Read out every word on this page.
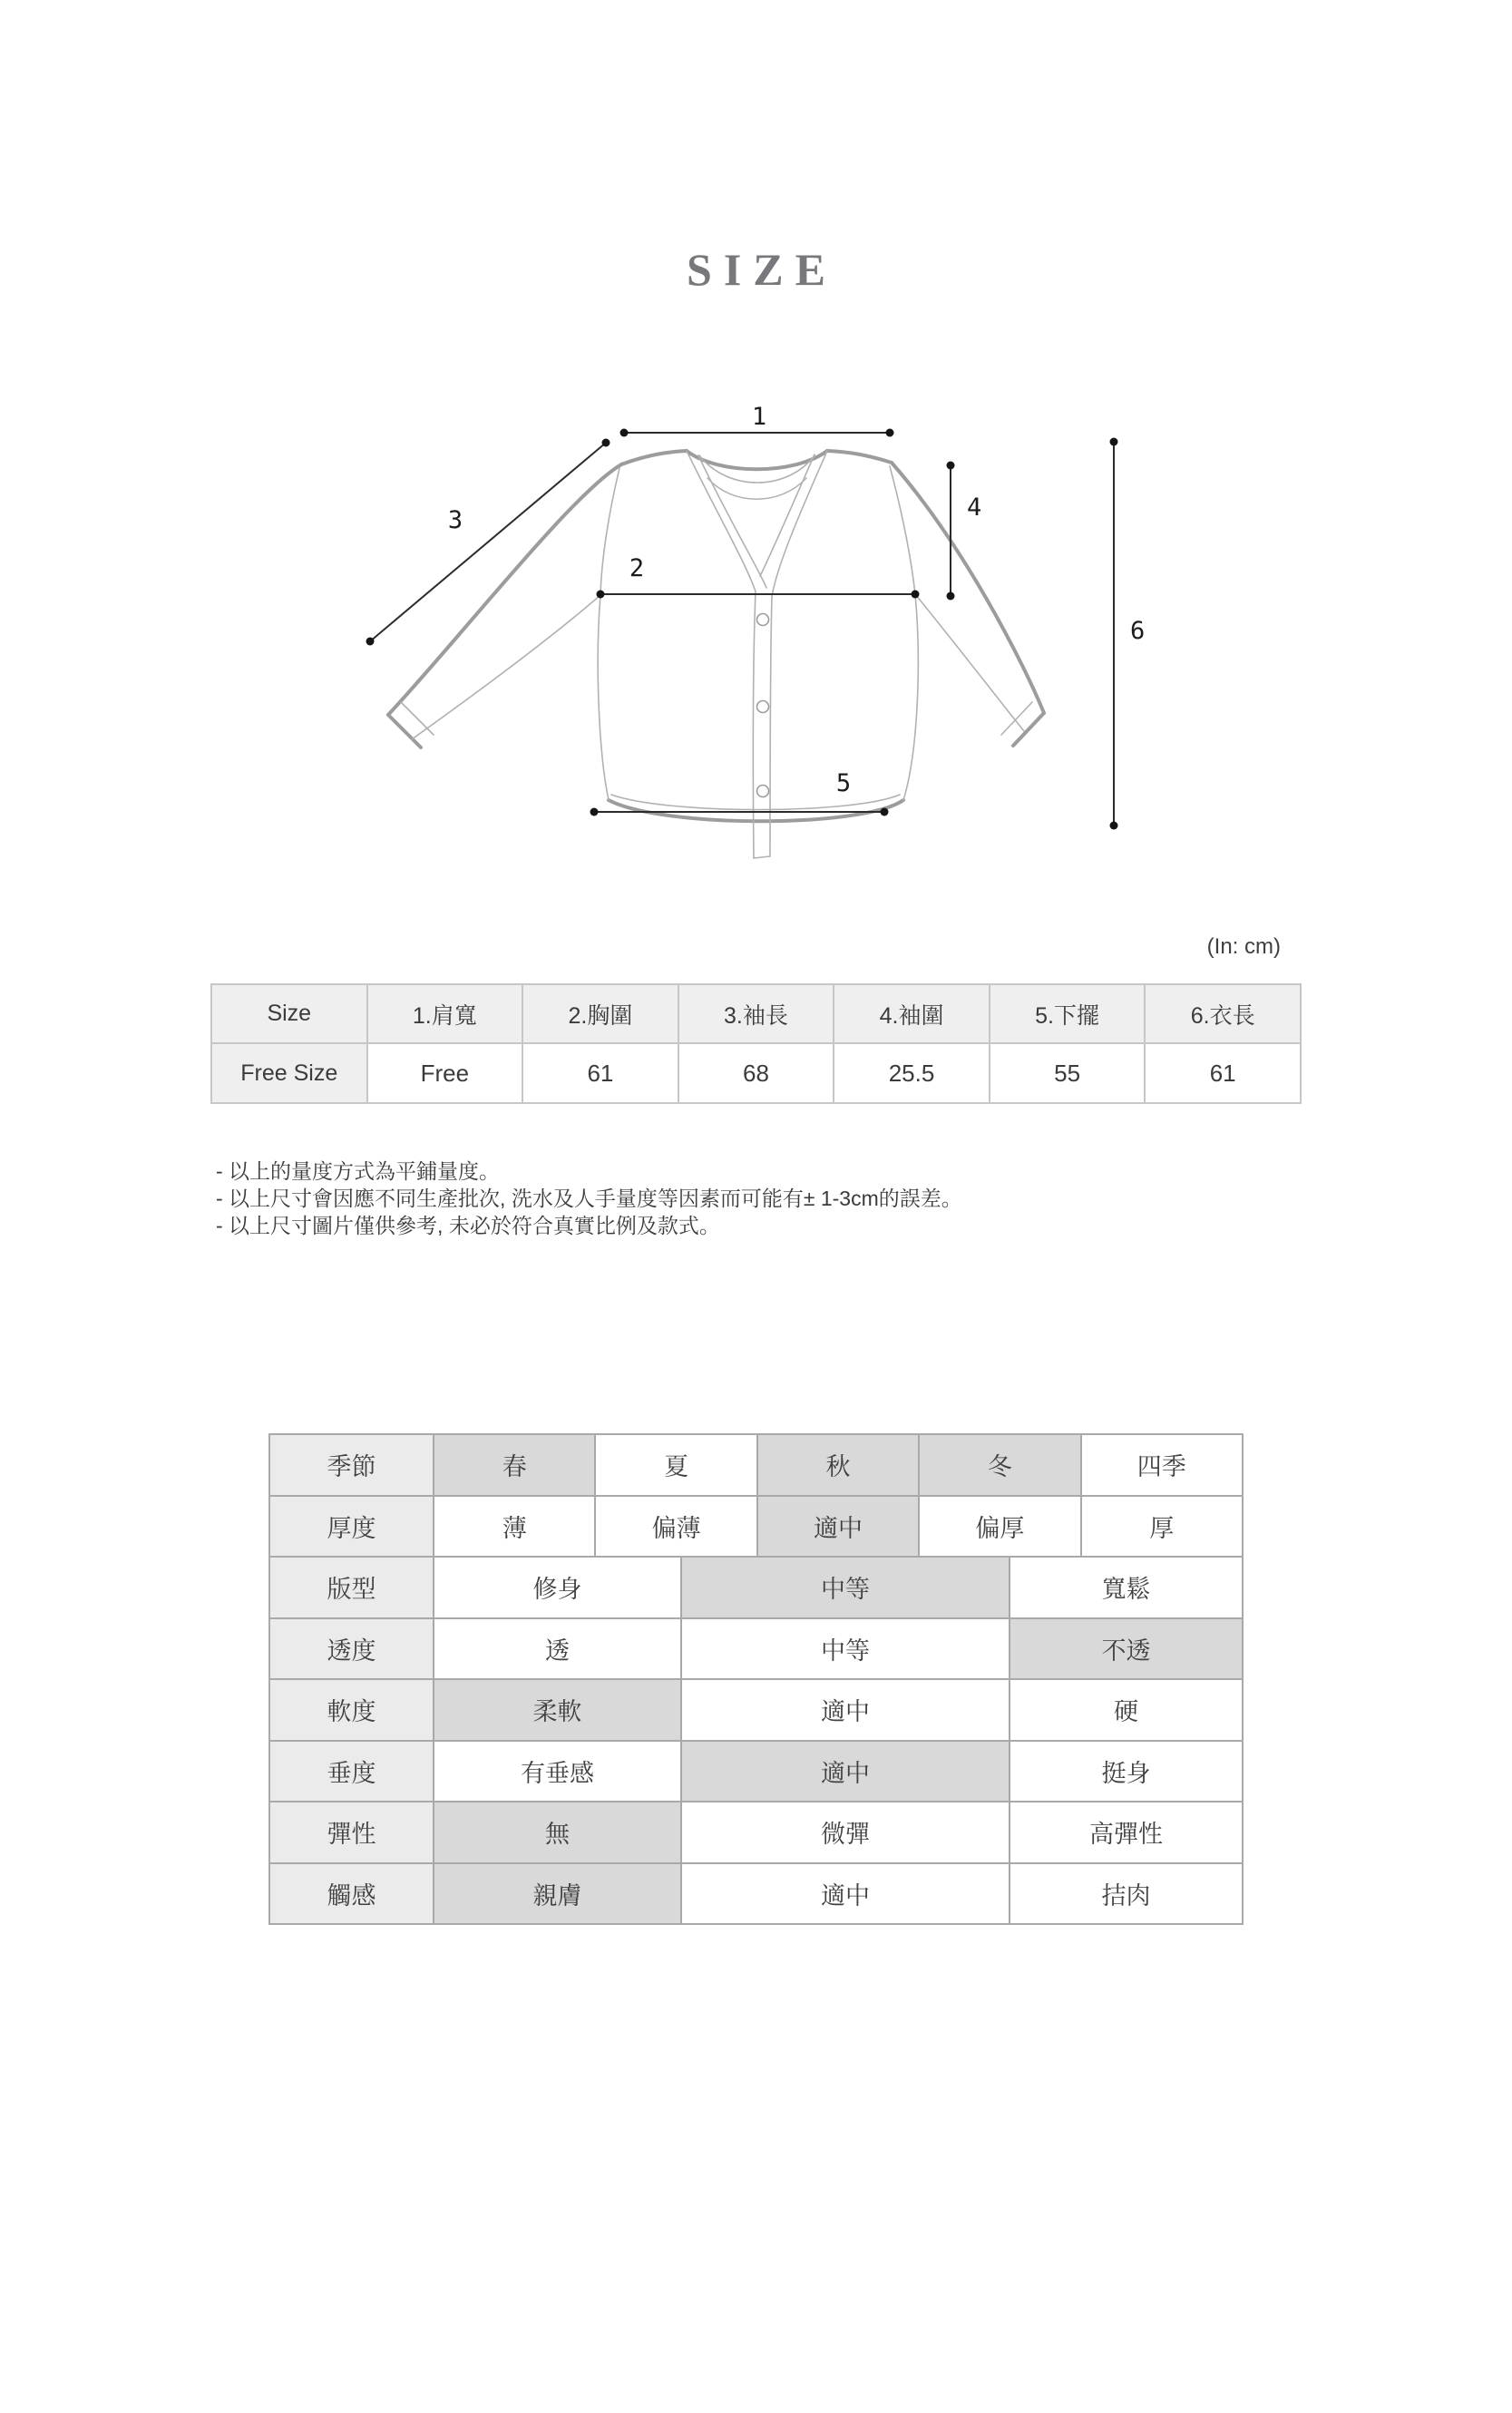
SIZE
1
2
3	4
5
6
(In: cm)
Size	1.肩寬	2.胸圍	3.袖長	4.袖圍	5.下擺	6.衣長
Free Size	Free	61	68	25.5	55	61
- 以上的量度方式為平鋪量度。
- 以上尺寸會因應不同生產批次, 洗水及人手量度等因素而可能有± 1-3cm的誤差。
- 以上尺寸圖片僅供參考, 未必於符合真實比例及款式。
季節	春	夏	秋	冬	四季
厚度	薄	偏薄	適中	偏厚	厚
版型	修身	中等	寬鬆
透度	透	中等	不透
軟度	柔軟	適中	硬
垂度	有垂感	適中	挺身
彈性	無	微彈	高彈性
觸感	親膚	適中	拮肉
